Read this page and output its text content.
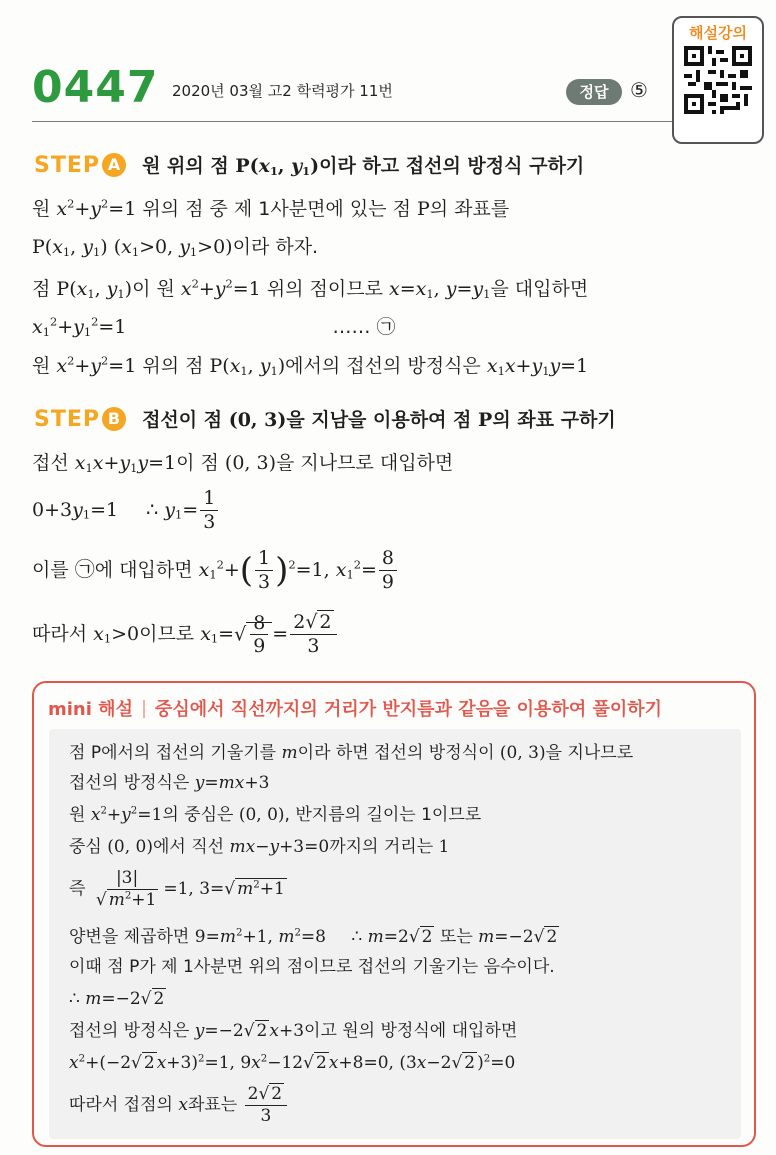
0447 2020년 03월 고2 학력평가 11번	정답	⑤
해설강의
STEP A 원 위의 점 $P(x_1$, $y_1$)이라 하고 접선의 방정식 구하기
원 $x^2+y^2=1$ 위의 점 중 제 1사분면에 있는 점 P의 좌표를
$P(x_1$, $y_1$) ($x_1>0$, $y_1>0$)이라 하자.
점 $P(x_1$, $y_1$)이 원 $x^2+y^2=1$ 위의 점이므로 $x=x_1$, $y=y_1$을 대입하면
$x_1^2+y_1^2=1$	…… ㉠
원 $x^2+y^2=1$ 위의 점 $P(x_1$, $y_1$)에서의 접선의 방정식은 $x_1x+y_1y=1$
STEP B 접선이 점 (0, 3)을 지남을 이용하여 점 P의 좌표 구하기
접선 $x_1x+y_1y=1$이 점 (0, 3)을 지나므로 대입하면
$0+3y_1=1$ ∴ $y_1= \frac{1}{3}$
이를 ㉠에 대입하면 $x_1^2+( \frac{1}{3} )^2=1$, $x_1^2= \frac{8}{9}$
따라서 $x_1>0$이므로 $x_1=√ \frac{8}{9} = \frac{2√ 2}{3}$
mini 해설 중심에서 직선까지의 거리가 반지름과 같음을 이용하여 풀이하기
점 P에서의 접선의 기울기를 m이라 하면 접선의 방정식이 (0, 3)을 지나므로
접선의 방정식은 y=mx+3
원 $x^2+y^2=1$의 중심은 (0, 0), 반지름의 길이는 1이므로
중심 (0, 0)에서 직선 mx−y+3=0까지의 거리는 1
즉 $\frac{|3|}{√ m^2+1} =1$, 3=√ $m^2+1$
양변을 제곱하면 $9=m^2+1$, $m^2=8$ ∴ m=2√ 2 또는 m=−2√ 2
이때 점 P가 제 1사분면 위의 점이므로 접선의 기울기는 음수이다.
∴ m=−2√ 2
접선의 방정식은 y=−2√ 2 x+3이고 원의 방정식에 대입하면
$x^2+(-2√$ 2 x+3)$^2$=1, $9x^2-12√$ 2 x+8=0, (3x−2√ 2 )$^2$=0
따라서 접점의 x좌표는 $\frac{2√ 2}{3}$
